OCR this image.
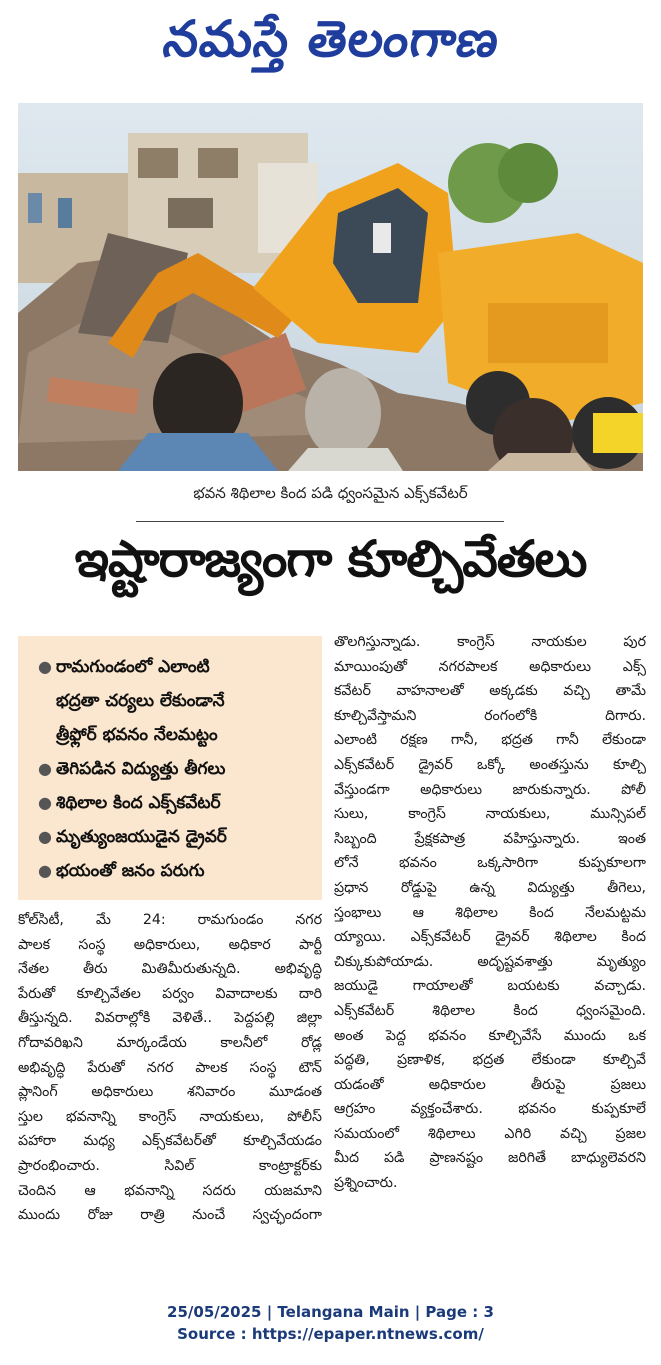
నమస్తే తెలంగాణ
భవన శిథిలాల కింద పడి ధ్వంసమైన ఎక్స్‌కవేటర్
ఇష్టారాజ్యంగా కూల్చివేతలు
● రామగుండంలో ఎలాంటి
భద్రతా చర్యలు లేకుండానే
త్రీఫ్లోర్ భవనం నేలమట్టం
● తెగిపడిన విద్యుత్తు తీగలు
● శిథిలాల కింద ఎక్స్‌కవేటర్
● మృత్యుంజయుడైన డ్రైవర్
● భయంతో జనం పరుగు
కోల్‌సిటీ, మే 24: రామగుండం నగర
పాలక సంస్థ అధికారులు, అధికార పార్టీ
నేతల తీరు మితిమీరుతున్నది. అభివృద్ధి
పేరుతో కూల్చివేతల పర్వం వివాదాలకు దారి
తీస్తున్నది. వివరాల్లోకి వెళితే.. పెద్దపల్లి జిల్లా
గోదావరిఖని మార్కండేయ కాలనీలో రోడ్ల
అభివృద్ధి పేరుతో నగర పాలక సంస్థ టౌన్
ప్లానింగ్ అధికారులు శనివారం మూడంత
స్తుల భవనాన్ని కాంగ్రెస్ నాయకులు, పోలీస్
పహారా మధ్య ఎక్స్‌కవేటర్‌తో కూల్చివేయడం
ప్రారంభించారు. సివిల్ కాంట్రాక్టర్‌కు
చెందిన ఆ భవనాన్ని సదరు యజమాని
ముందు రోజు రాత్రి నుంచే స్వచ్ఛందంగా
తొలగిస్తున్నాడు. కాంగ్రెస్ నాయకుల పుర
మాయింపుతో నగరపాలక అధికారులు ఎక్స్
కవేటర్ వాహనాలతో అక్కడకు వచ్చి తామే
కూల్చివేస్తామని రంగంలోకి దిగారు.
ఎలాంటి రక్షణ గానీ, భద్రత గానీ లేకుండా
ఎక్స్‌కవేటర్ డ్రైవర్ ఒక్కో అంతస్తును కూల్చి
వేస్తుండగా అధికారులు జారుకున్నారు. పోలీ
సులు, కాంగ్రెస్ నాయకులు, మున్సిపల్
సిబ్బంది ప్రేక్షకపాత్ర వహిస్తున్నారు. ఇంత
లోనే భవనం ఒక్కసారిగా కుప్పకూలగా
ప్రధాన రోడ్డుపై ఉన్న విద్యుత్తు తీగెలు,
స్తంభాలు ఆ శిథిలాల కింద నేలమట్టమ
య్యాయి. ఎక్స్‌కవేటర్ డ్రైవర్ శిథిలాల కింద
చిక్కుకుపోయాడు. అదృష్టవశాత్తు మృత్యుం
జయుడై గాయాలతో బయటకు వచ్చాడు.
ఎక్స్‌కవేటర్ శిథిలాల కింద ధ్వంసమైంది.
అంత పెద్ద భవనం కూల్చివేసే ముందు ఒక
పద్ధతి, ప్రణాళిక, భద్రత లేకుండా కూల్చివే
యడంతో అధికారుల తీరుపై ప్రజలు
ఆగ్రహం వ్యక్తంచేశారు. భవనం కుప్పకూలే
సమయంలో శిథిలాలు ఎగిరి వచ్చి ప్రజల
మీద పడి ప్రాణనష్టం జరిగితే బాధ్యులెవరని
ప్రశ్నించారు.
25/05/2025 | Telangana Main | Page : 3
Source : https://epaper.ntnews.com/
